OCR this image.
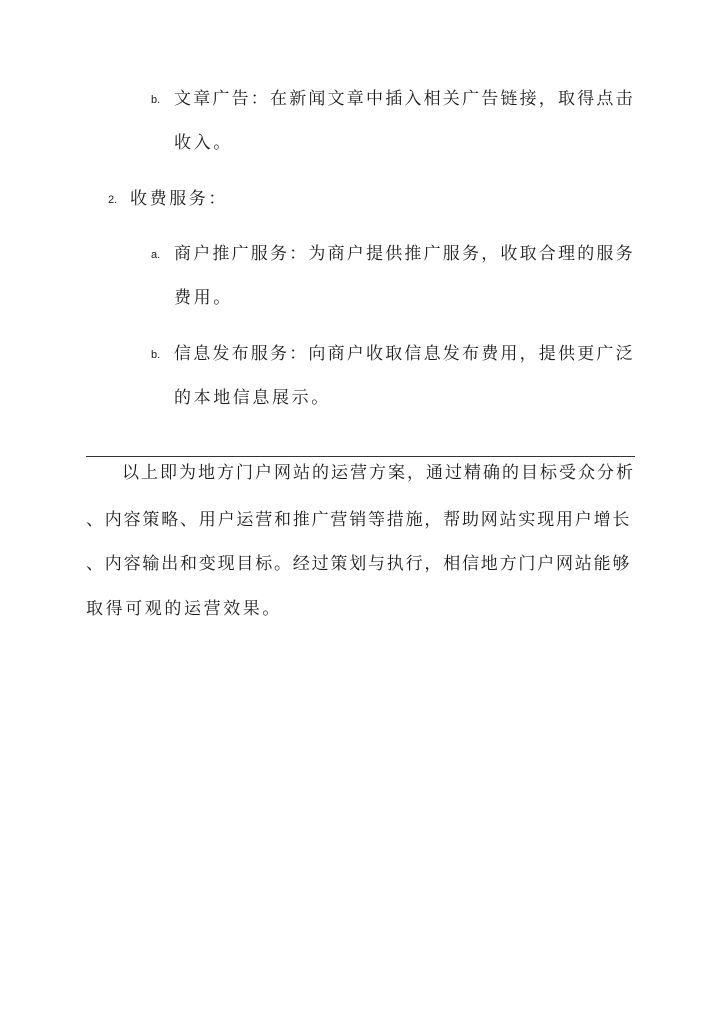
b. 文章广告：在新闻文章中插入相关广告链接，取得点击
收入。
2. 收费服务：
a. 商户推广服务：为商户提供推广服务，收取合理的服务
费用。
b. 信息发布服务：向商户收取信息发布费用，提供更广泛
的本地信息展示。
以上即为地方门户网站的运营方案，通过精确的目标受众分析
、内容策略、用户运营和推广营销等措施，帮助网站实现用户增长
、内容输出和变现目标。经过策划与执行，相信地方门户网站能够
取得可观的运营效果。
